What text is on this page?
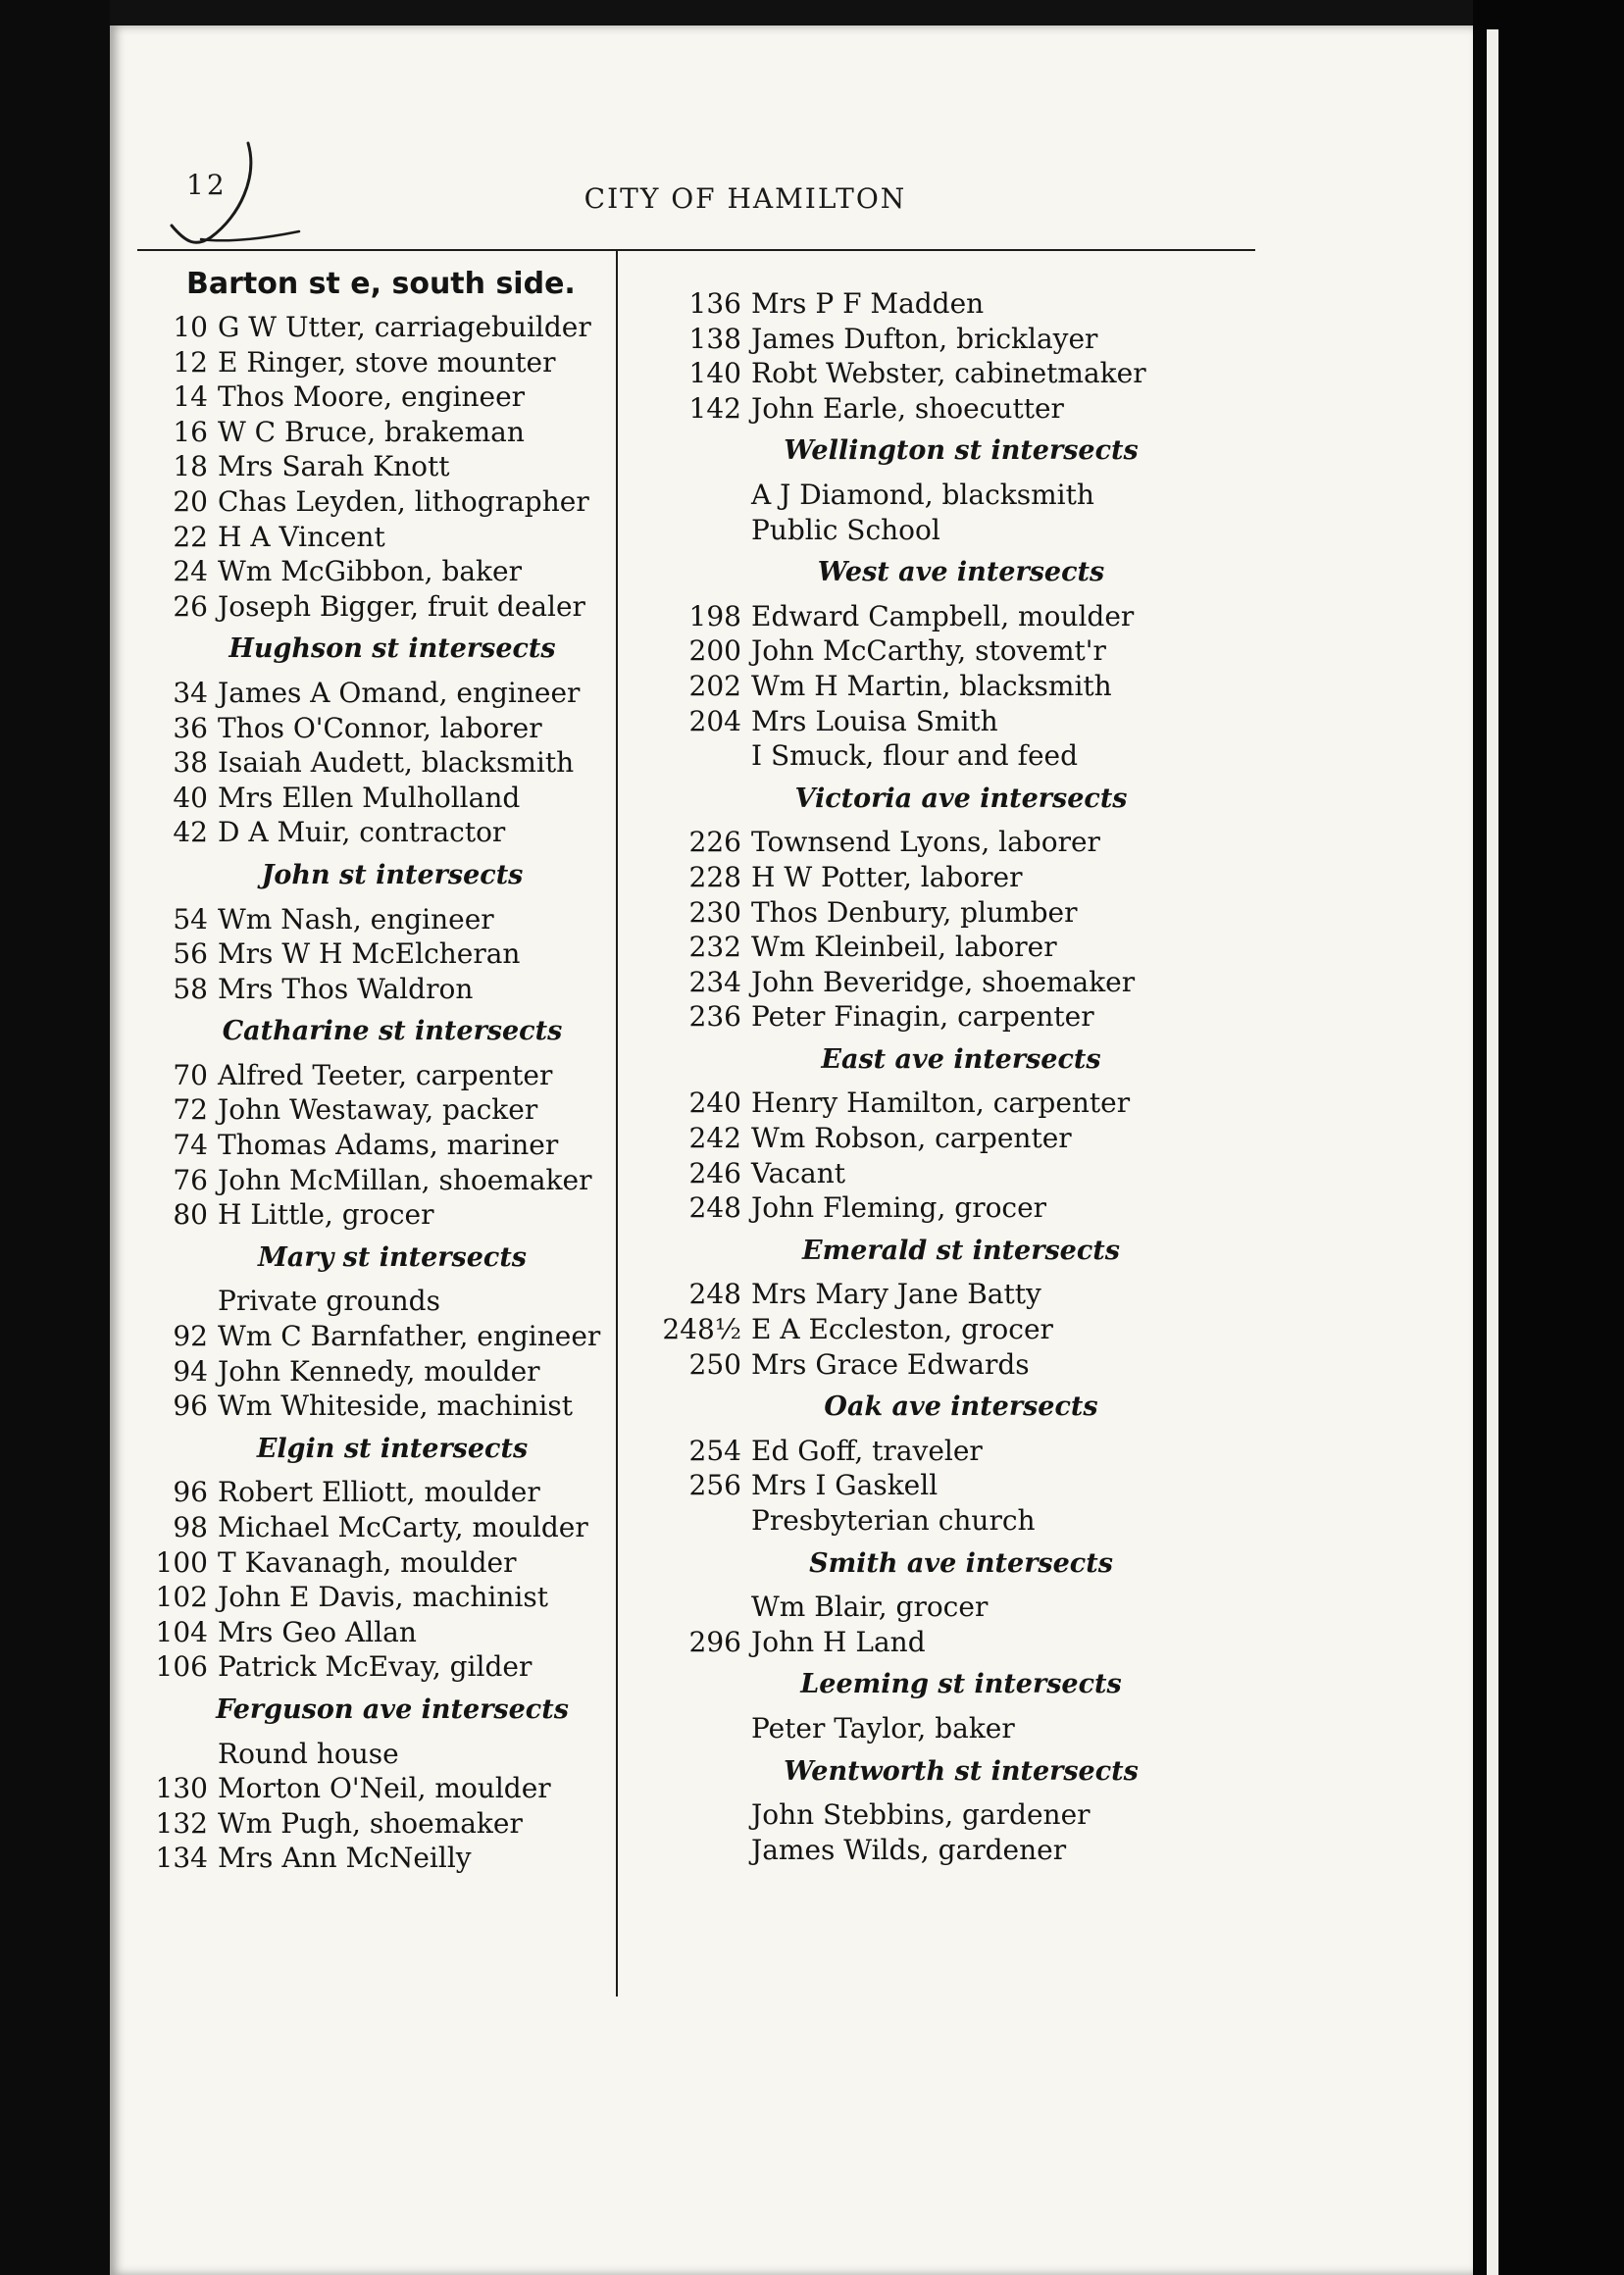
12	CITY OF HAMILTON
Barton st e, south side.
10 G W Utter, carriagebuilder
12 E Ringer, stove mounter
14 Thos Moore, engineer
16 W C Bruce, brakeman
18 Mrs Sarah Knott
20 Chas Leyden, lithographer
22 H A Vincent
24 Wm McGibbon, baker
26 Joseph Bigger, fruit dealer
Hughson st intersects
34 James A Omand, engineer
36 Thos O'Connor, laborer
38 Isaiah Audett, blacksmith
40 Mrs Ellen Mulholland
42 D A Muir, contractor
John st intersects
54 Wm Nash, engineer
56 Mrs W H McElcheran
58 Mrs Thos Waldron
Catharine st intersects
70 Alfred Teeter, carpenter
72 John Westaway, packer
74 Thomas Adams, mariner
76 John McMillan, shoemaker
80 H Little, grocer
Mary st intersects
Private grounds
92 Wm C Barnfather, engineer
94 John Kennedy, moulder
96 Wm Whiteside, machinist
Elgin st intersects
96 Robert Elliott, moulder
98 Michael McCarty, moulder
100 T Kavanagh, moulder
102 John E Davis, machinist
104 Mrs Geo Allan
106 Patrick McEvay, gilder
Ferguson ave intersects
Round house
130 Morton O'Neil, moulder
132 Wm Pugh, shoemaker
134 Mrs Ann McNeilly
136 Mrs P F Madden
138 James Dufton, bricklayer
140 Robt Webster, cabinetmaker
142 John Earle, shoecutter
Wellington st intersects
A J Diamond, blacksmith
Public School
West ave intersects
198 Edward Campbell, moulder
200 John McCarthy, stovemt'r
202 Wm H Martin, blacksmith
204 Mrs Louisa Smith
I Smuck, flour and feed
Victoria ave intersects
226 Townsend Lyons, laborer
228 H W Potter, laborer
230 Thos Denbury, plumber
232 Wm Kleinbeil, laborer
234 John Beveridge, shoemaker
236 Peter Finagin, carpenter
East ave intersects
240 Henry Hamilton, carpenter
242 Wm Robson, carpenter
246 Vacant
248 John Fleming, grocer
Emerald st intersects
248 Mrs Mary Jane Batty
248½ E A Eccleston, grocer
250 Mrs Grace Edwards
Oak ave intersects
254 Ed Goff, traveler
256 Mrs I Gaskell
Presbyterian church
Smith ave intersects
Wm Blair, grocer
296 John H Land
Leeming st intersects
Peter Taylor, baker
Wentworth st intersects
John Stebbins, gardener
James Wilds, gardener
